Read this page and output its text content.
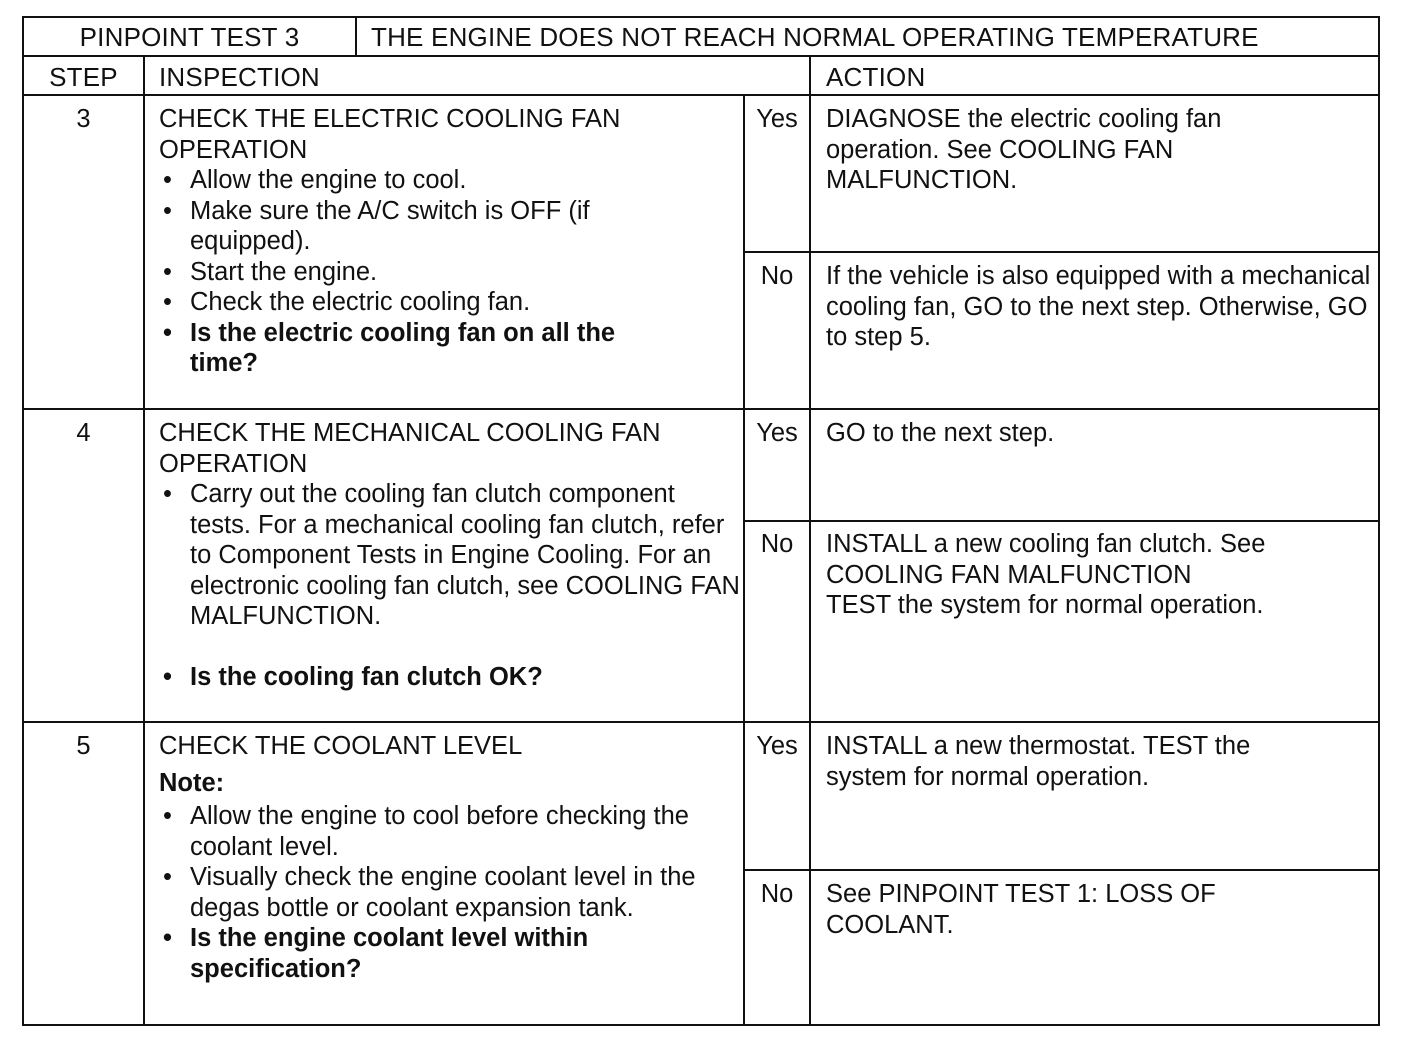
PINPOINT TEST 3	THE ENGINE DOES NOT REACH NORMAL OPERATING TEMPERATURE
STEP	INSPECTION	ACTION
3	CHECK THE ELECTRIC COOLING FAN
OPERATION
• Allow the engine to cool.
• Make sure the A/C switch is OFF (if equipped).
• Start the engine.
• Check the electric cooling fan.
• Is the electric cooling fan on all the time?
Yes	DIAGNOSE the electric cooling fan operation. See COOLING FAN MALFUNCTION.
No	If the vehicle is also equipped with a mechanical cooling fan, GO to the next step. Otherwise, GO to step 5.
4	CHECK THE MECHANICAL COOLING FAN
OPERATION
• Carry out the cooling fan clutch component tests. For a mechanical cooling fan clutch, refer to Component Tests in Engine Cooling. For an electronic cooling fan clutch, see COOLING FAN MALFUNCTION.
• Is the cooling fan clutch OK?
Yes	GO to the next step.
No	INSTALL a new cooling fan clutch. See COOLING FAN MALFUNCTION
TEST the system for normal operation.
5	CHECK THE COOLANT LEVEL
Note:
• Allow the engine to cool before checking the coolant level.
• Visually check the engine coolant level in the degas bottle or coolant expansion tank.
• Is the engine coolant level within specification?
Yes	INSTALL a new thermostat. TEST the system for normal operation.
No	See PINPOINT TEST 1: LOSS OF COOLANT.
